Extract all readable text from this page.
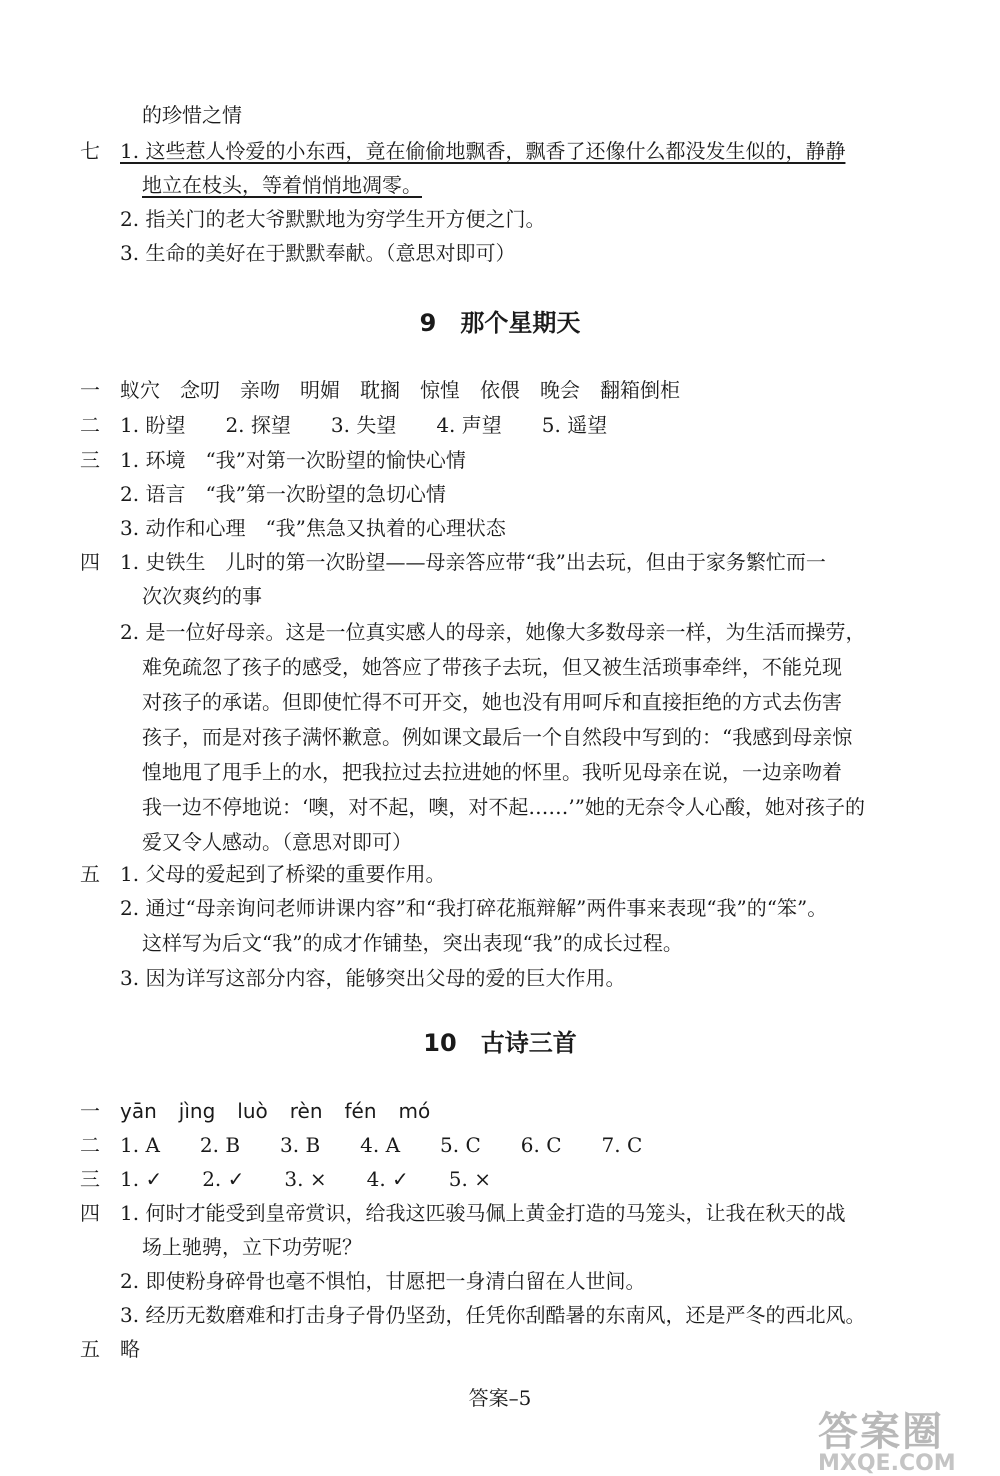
的珍惜之情
七 1. 这些惹人怜爱的小东西，竟在偷偷地飘香，飘香了还像什么都没发生似的，静静
地立在枝头，等着悄悄地凋零。
2. 指关门的老大爷默默地为穷学生开方便之门。
3. 生命的美好在于默默奉献。（意思对即可）
9　那个星期天
一 蚁穴　念叨　亲吻　明媚　耽搁　惊惶　依偎　晚会　翻箱倒柜
二 1. 盼望　　2. 探望　　3. 失望　　4. 声望　　5. 遥望
三 1. 环境　“我”对第一次盼望的愉快心情
2. 语言　“我”第一次盼望的急切心情
3. 动作和心理　“我”焦急又执着的心理状态
四 1. 史铁生　儿时的第一次盼望——母亲答应带“我”出去玩，但由于家务繁忙而一
次次爽约的事
2. 是一位好母亲。这是一位真实感人的母亲，她像大多数母亲一样，为生活而操劳，
难免疏忽了孩子的感受，她答应了带孩子去玩，但又被生活琐事牵绊，不能兑现
对孩子的承诺。但即使忙得不可开交，她也没有用呵斥和直接拒绝的方式去伤害
孩子，而是对孩子满怀歉意。例如课文最后一个自然段中写到的：“我感到母亲惊
惶地甩了甩手上的水，把我拉过去拉进她的怀里。我听见母亲在说，一边亲吻着
我一边不停地说：‘噢，对不起，噢，对不起……’”她的无奈令人心酸，她对孩子的
爱又令人感动。（意思对即可）
五 1. 父母的爱起到了桥梁的重要作用。
2. 通过“母亲询问老师讲课内容”和“我打碎花瓶辩解”两件事来表现“我”的“笨”。
这样写为后文“我”的成才作铺垫，突出表现“我”的成长过程。
3. 因为详写这部分内容，能够突出父母的爱的巨大作用。
10　古诗三首
一 yān jìng luò rèn fén mó
二 1. A　　2. B　　3. B　　4. A　　5. C　　6. C　　7. C
三 1. ✓　　2. ✓　　3. ×　　4. ✓　　5. ×
四 1. 何时才能受到皇帝赏识，给我这匹骏马佩上黄金打造的马笼头，让我在秋天的战
场上驰骋，立下功劳呢？
2. 即使粉身碎骨也毫不惧怕，甘愿把一身清白留在人世间。
3. 经历无数磨难和打击身子骨仍坚劲，任凭你刮酷暑的东南风，还是严冬的西北风。
五 略
答案–5
答案圈
MXQE.COM
